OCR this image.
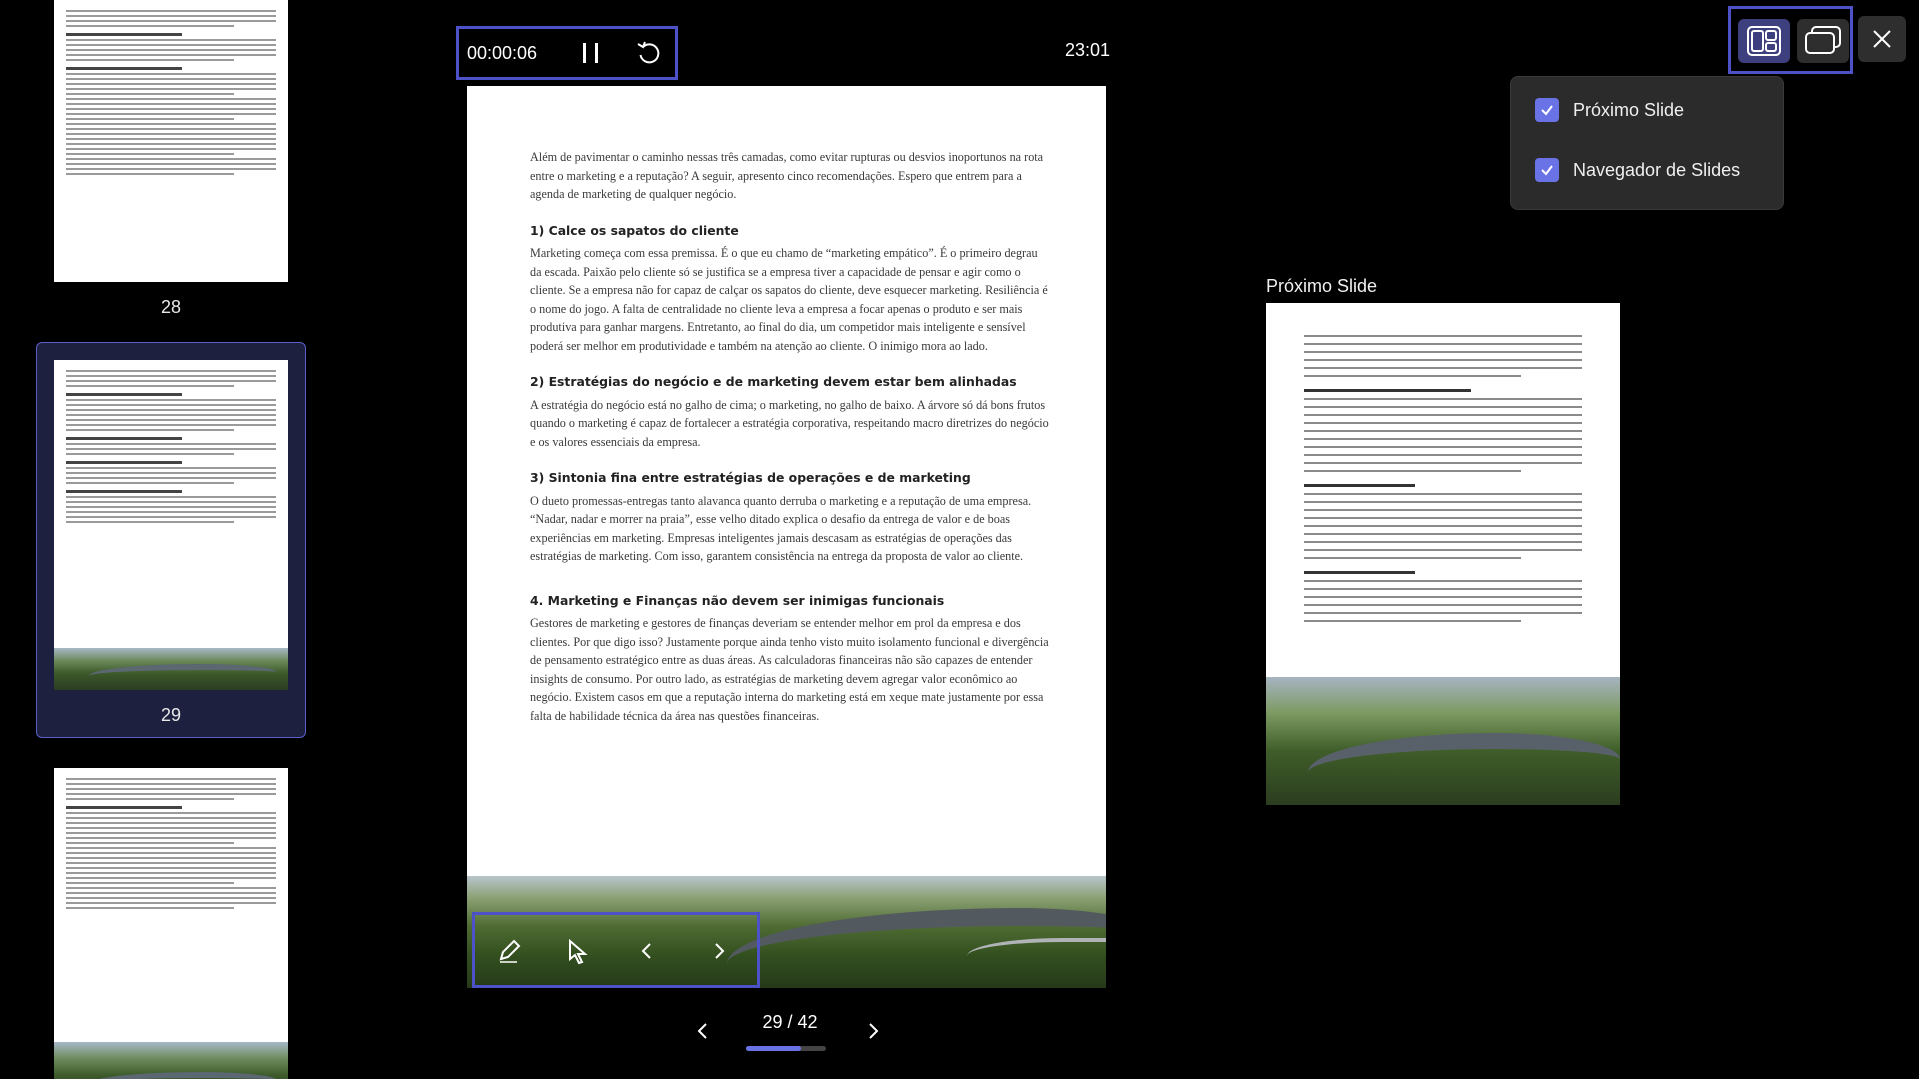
28
29
00:00:06	23:01
Próximo Slide
Navegador de Slides

Além de pavimentar o caminho nessas três camadas, como evitar rupturas ou desvios inoportunos na rota entre o marketing e a reputação? A seguir, apresento cinco recomendações. Espero que entrem para a agenda de marketing de qualquer negócio.

1) Calce os sapatos do cliente

Marketing começa com essa premissa. É o que eu chamo de “marketing empático”. É o primeiro degrau da escada. Paixão pelo cliente só se justifica se a empresa tiver a capacidade de pensar e agir como o cliente. Se a empresa não for capaz de calçar os sapatos do cliente, deve esquecer marketing. Resiliência é o nome do jogo. A falta de centralidade no cliente leva a empresa a focar apenas o produto e ser mais produtiva para ganhar margens. Entretanto, ao final do dia, um competidor mais inteligente e sensível poderá ser melhor em produtividade e também na atenção ao cliente. O inimigo mora ao lado.

2) Estratégias do negócio e de marketing devem estar bem alinhadas

A estratégia do negócio está no galho de cima; o marketing, no galho de baixo. A árvore só dá bons frutos quando o marketing é capaz de fortalecer a estratégia corporativa, respeitando macro diretrizes do negócio e os valores essenciais da empresa.

3) Sintonia fina entre estratégias de operações e de marketing

O dueto promessas-entregas tanto alavanca quanto derruba o marketing e a reputação de uma empresa. “Nadar, nadar e morrer na praia”, esse velho ditado explica o desafio da entrega de valor e de boas experiências em marketing. Empresas inteligentes jamais descasam as estratégias de operações das estratégias de marketing. Com isso, garantem consistência na entrega da proposta de valor ao cliente.

4. Marketing e Finanças não devem ser inimigas funcionais

Gestores de marketing e gestores de finanças deveriam se entender melhor em prol da empresa e dos clientes. Por que digo isso? Justamente porque ainda tenho visto muito isolamento funcional e divergência de pensamento estratégico entre as duas áreas. As calculadoras financeiras não são capazes de entender insights de consumo. Por outro lado, as estratégias de marketing devem agregar valor econômico ao negócio. Existem casos em que a reputação interna do marketing está em xeque mate justamente por essa falta de habilidade técnica da área nas questões financeiras.

29 / 42
Próximo Slide
